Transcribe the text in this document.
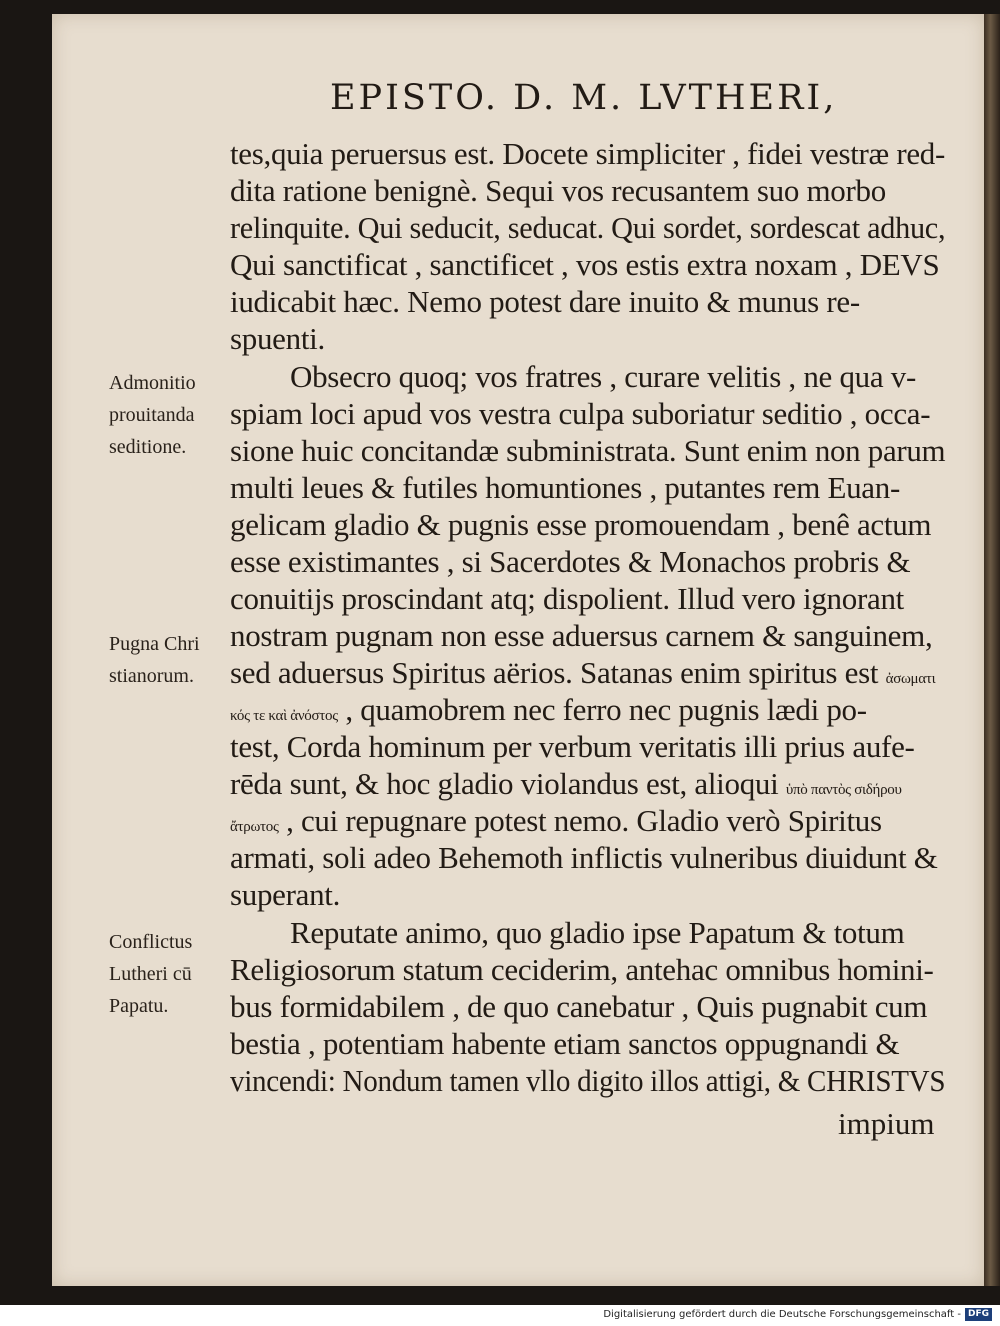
EPISTO. D. M. LVTHERI,
tes,quia peruersus est. Docete simpliciter , fidei vestræ red-
dita ratione benignè. Sequi vos recusantem suo morbo
relinquite. Qui seducit, seducat. Qui sordet, sordescat adhuc,
Qui sanctificat , sanctificet , vos estis extra noxam , DEVS
iudicabit hæc. Nemo potest dare inuito & munus re-
spuenti.
Obsecro quoq; vos fratres , curare velitis , ne qua v-
spiam loci apud vos vestra culpa suboriatur seditio , occa-
sione huic concitandæ subministrata. Sunt enim non parum
multi leues & futiles homuntiones , putantes rem Euan-
gelicam gladio & pugnis esse promouendam , benê actum
esse existimantes , si Sacerdotes & Monachos probris &
conuitijs proscindant atq; dispolient. Illud vero ignorant
nostram pugnam non esse aduersus carnem & sanguinem,
sed aduersus Spiritus aërios. Satanas enim spiritus est ἀσωματι
κός τε καὶ ἀνόστος , quamobrem nec ferro nec pugnis lædi po-
test, Corda hominum per verbum veritatis illi prius aufe-
rēda sunt, & hoc gladio violandus est, alioqui ὑπὸ παντὸς σιδήρου
ἄτρωτος , cui repugnare potest nemo. Gladio verò Spiritus
armati, soli adeo Behemoth inflictis vulneribus diuidunt &
superant.
Reputate animo, quo gladio ipse Papatum & totum
Religiosorum statum ceciderim, antehac omnibus homini-
bus formidabilem , de quo canebatur , Quis pugnabit cum
bestia , potentiam habente etiam sanctos oppugnandi &
vincendi: Nondum tamen vllo digito illos attigi, & CHRISTVS
impium
Admonitio
prouitanda
seditione.
Pugna Chri
stianorum.
Conflictus
Lutheri cū
Papatu.
Digitalisierung gefördert durch die Deutsche Forschungsgemeinschaft - DFG
